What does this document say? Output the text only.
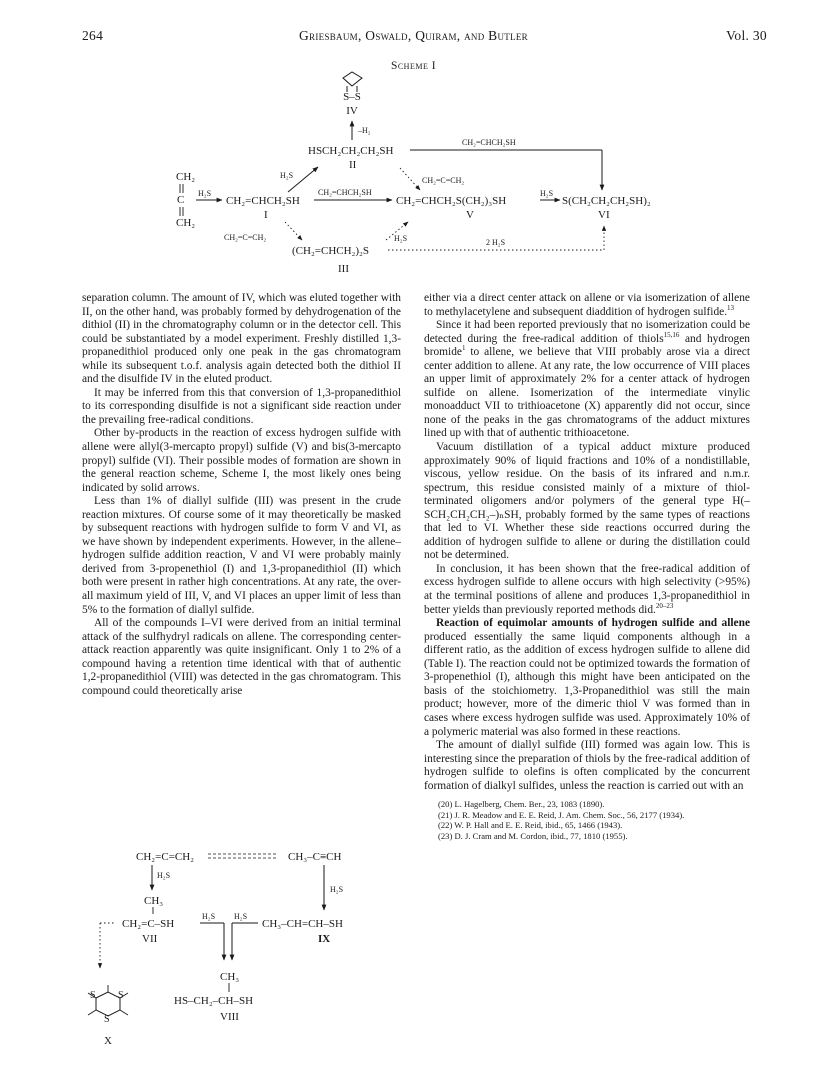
264	Griesbaum, Oswald, Quiram, and Butler	Vol. 30
Scheme I
S–S
IV
–H₂
HSCH₂CH₂CH₂SH
II
CH₂=CHCH₂SH
CH₂
C
CH₂
H₂S
CH₂=CHCH₂SH
I
H₂S
CH₂=CHCH₂SH
CH₂=C=CH₂
CH₂=CHCH₂S(CH₂)₃SH
V
H₂S
S(CH₂CH₂CH₂SH)₂
VI
CH₂=C=CH₂	H₂S
(CH₂=CHCH₂)₂S
III
2 H₂S

separation column. The amount of IV, which was eluted together with II, on the other hand, was probably formed by dehydrogenation of the dithiol (II) in the chromatography column or in the detector cell. This could be substantiated by a model experiment. Freshly distilled 1,3-propanedithiol produced only one peak in the gas chromatogram while its subsequent t.o.f. analysis again detected both the dithiol II and the disulfide IV in the eluted product.

It may be inferred from this that conversion of 1,3-propanedithiol to its corresponding disulfide is not a significant side reaction under the prevailing free-radical conditions.

Other by-products in the reaction of excess hydrogen sulfide with allene were allyl(3-mercapto propyl) sulfide (V) and bis(3-mercapto propyl) sulfide (VI). Their possible modes of formation are shown in the general reaction scheme, Scheme I, the most likely ones being indicated by solid arrows.

Less than 1% of diallyl sulfide (III) was present in the crude reaction mixtures. Of course some of it may theoretically be masked by subsequent reactions with hydrogen sulfide to form V and VI, as we have shown by independent experiments. However, in the allene–hydrogen sulfide addition reaction, V and VI were probably mainly derived from 3-propenethiol (I) and 1,3-propanedithiol (II) which both were present in rather high concentrations. At any rate, the over-all maximum yield of III, V, and VI places an upper limit of less than 5% to the formation of diallyl sulfide.

All of the compounds I–VI were derived from an initial terminal attack of the sulfhydryl radicals on allene. The corresponding center-attack reaction apparently was quite insignificant. Only 1 to 2% of a compound having a retention time identical with that of authentic 1,2-propanedithiol (VIII) was detected in the gas chromatogram. This compound could theoretically arise

CH₂=C=CH₂	CH₃–C≡CH
H₂S
H₂S
CH₃
CH₂=C–SH
VII
H₂S H₂S
CH₃–CH=CH–SH
IX
S S
S
X
CH₃
HS–CH₂–CH–SH
VIII

either via a direct center attack on allene or via isomerization of allene to methylacetylene and subsequent diaddition of hydrogen sulfide.$^{13}$

Since it had been reported previously that no isomerization could be detected during the free-radical addition of thiols$^{15,16}$ and hydrogen bromide$^1$ to allene, we believe that VIII probably arose via a direct center addition to allene. At any rate, the low occurrence of VIII places an upper limit of approximately 2% for a center attack of hydrogen sulfide on allene. Isomerization of the intermediate vinylic monoadduct VII to trithioacetone (X) apparently did not occur, since none of the peaks in the gas chromatograms of the adduct mixtures lined up with that of authentic trithioacetone.

Vacuum distillation of a typical adduct mixture produced approximately 90% of liquid fractions and 10% of a nondistillable, viscous, yellow residue. On the basis of its infrared and n.m.r. spectrum, this residue consisted mainly of a mixture of thiol-terminated oligomers and/or polymers of the general type H(–SCH₂CH₂CH₂–)ₙSH, probably formed by the same types of reactions that led to VI. Whether these side reactions occurred during the addition of hydrogen sulfide to allene or during the distillation could not be determined.

In conclusion, it has been shown that the free-radical addition of excess hydrogen sulfide to allene occurs with high selectivity (>95%) at the terminal positions of allene and produces 1,3-propanedithiol in better yields than previously reported methods did.$^{20-23}$

Reaction of equimolar amounts of hydrogen sulfide and allene produced essentially the same liquid components although in a different ratio, as the addition of excess hydrogen sulfide to allene did (Table I). The reaction could not be optimized towards the formation of 3-propenethiol (I), although this might have been anticipated on the basis of the stoichiometry. 1,3-Propanedithiol was still the main product; however, more of the dimeric thiol V was formed than in cases where excess hydrogen sulfide was used. Approximately 10% of a polymeric material was also formed in these reactions.

The amount of diallyl sulfide (III) formed was again low. This is interesting since the preparation of thiols by the free-radical addition of hydrogen sulfide to olefins is often complicated by the concurrent formation of dialkyl sulfides, unless the reaction is carried out with an

(20) L. Hagelberg, Chem. Ber., 23, 1083 (1890).
(21) J. R. Meadow and E. E. Reid, J. Am. Chem. Soc., 56, 2177 (1934).
(22) W. P. Hall and E. E. Reid, ibid., 65, 1466 (1943).
(23) D. J. Cram and M. Cordon, ibid., 77, 1810 (1955).
